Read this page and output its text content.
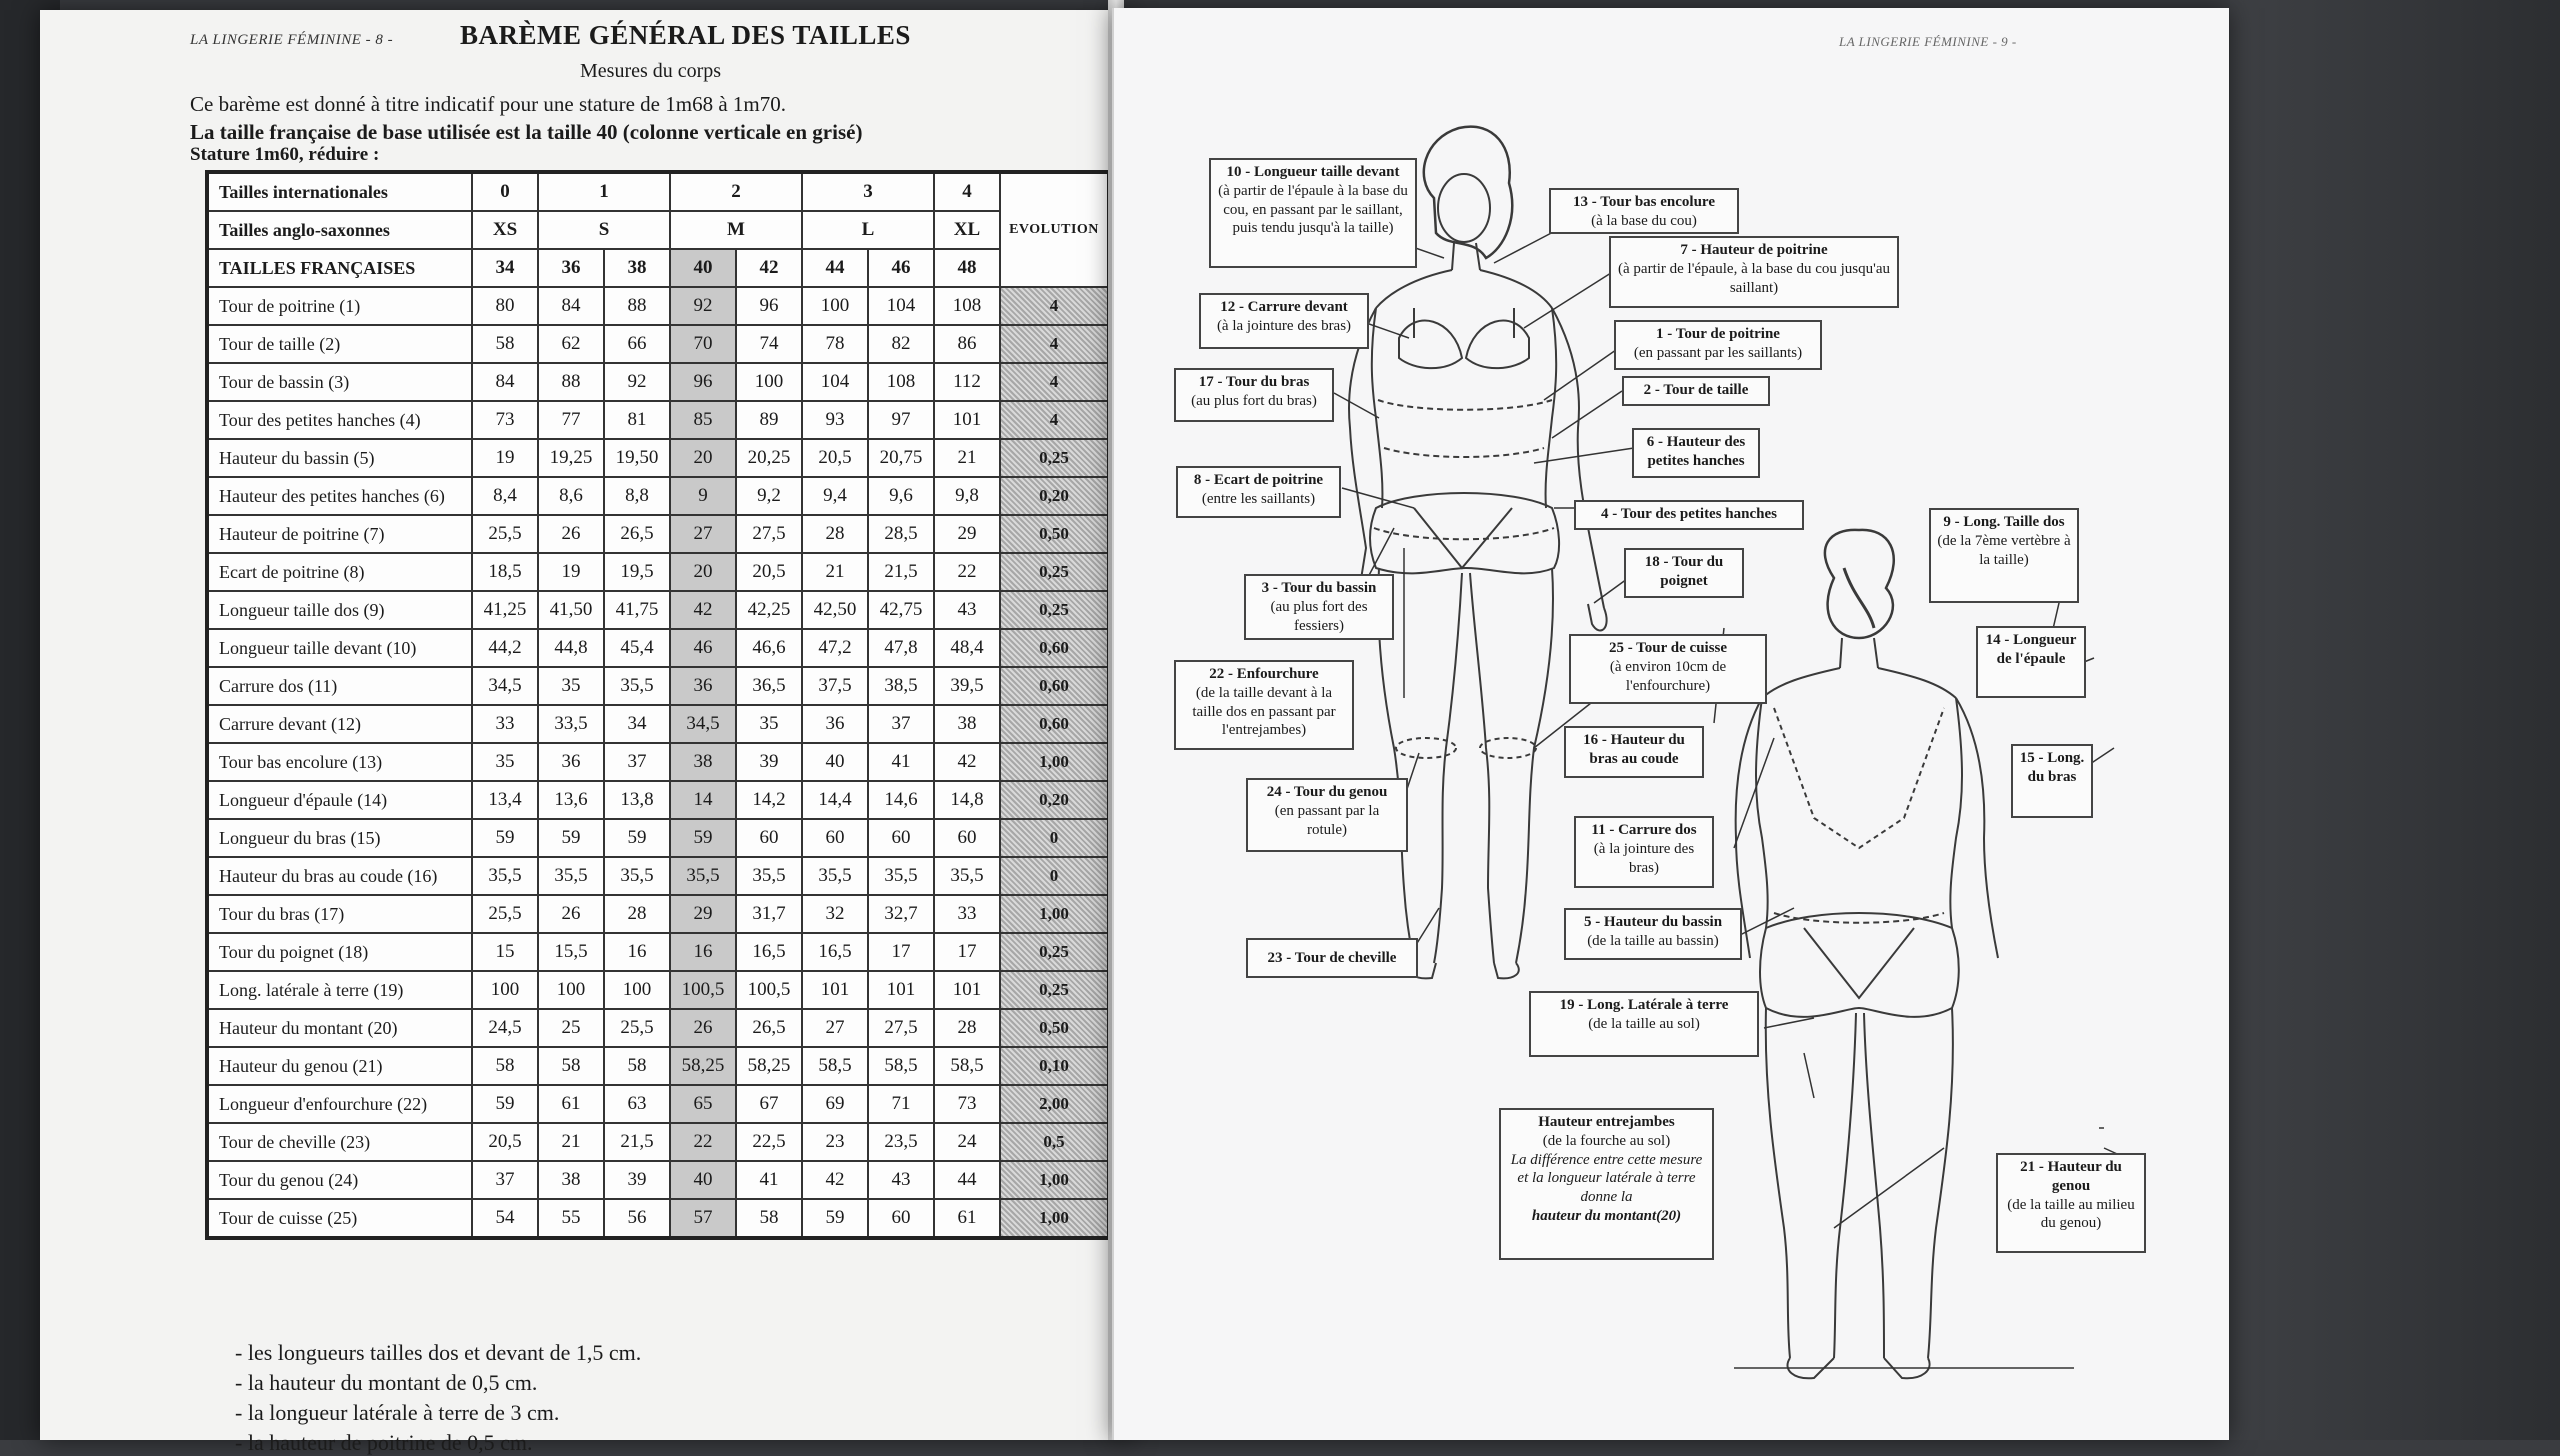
LA LINGERIE FÉMININE - 8 - BARÈME GÉNÉRAL DES TAILLES
Mesures du corps
Ce barème est donné à titre indicatif pour une stature de 1m68 à 1m70.
La taille française de base utilisée est la taille 40 (colonne verticale en grisé)
Stature 1m60, réduire :
Tailles internationales	0	1		2		3		4	EVOLUTION
Tailles anglo-saxonnes	XS	S		M		L		XL	
TAILLES FRANÇAISES	34	36	38	40	42	44	46	48	
Tour de poitrine (1)	80	84	88	92	96	100	104	108	4
Tour de taille (2)	58	62	66	70	74	78	82	86	4
Tour de bassin (3)	84	88	92	96	100	104	108	112	4
Tour des petites hanches (4)	73	77	81	85	89	93	97	101	4
Hauteur du bassin (5)	19	19,25	19,50	20	20,25	20,5	20,75	21	0,25
Hauteur des petites hanches (6)	8,4	8,6	8,8	9	9,2	9,4	9,6	9,8	0,20
Hauteur de poitrine (7)	25,5	26	26,5	27	27,5	28	28,5	29	0,50
Ecart de poitrine (8)	18,5	19	19,5	20	20,5	21	21,5	22	0,25
Longueur taille dos (9)	41,25	41,50	41,75	42	42,25	42,50	42,75	43	0,25
Longueur taille devant (10)	44,2	44,8	45,4	46	46,6	47,2	47,8	48,4	0,60
Carrure dos (11)	34,5	35	35,5	36	36,5	37,5	38,5	39,5	0,60
Carrure devant (12)	33	33,5	34	34,5	35	36	37	38	0,60
Tour bas encolure (13)	35	36	37	38	39	40	41	42	1,00
Longueur d'épaule (14)	13,4	13,6	13,8	14	14,2	14,4	14,6	14,8	0,20
Longueur du bras (15)	59	59	59	59	60	60	60	60	0
Hauteur du bras au coude (16)	35,5	35,5	35,5	35,5	35,5	35,5	35,5	35,5	0
Tour du bras (17)	25,5	26	28	29	31,7	32	32,7	33	1,00
Tour du poignet (18)	15	15,5	16	16	16,5	16,5	17	17	0,25
Long. latérale à terre (19)	100	100	100	100,5	100,5	101	101	101	0,25
Hauteur du montant (20)	24,5	25	25,5	26	26,5	27	27,5	28	0,50
Hauteur du genou (21)	58	58	58	58,25	58,25	58,5	58,5	58,5	0,10
Longueur d'enfourchure (22)	59	61	63	65	67	69	71	73	2,00
Tour de cheville (23)	20,5	21	21,5	22	22,5	23	23,5	24	0,5
Tour du genou (24)	37	38	39	40	41	42	43	44	1,00
Tour de cuisse (25)	54	55	56	57	58	59	60	61	1,00
- les longueurs tailles dos et devant de 1,5 cm.
- la hauteur du montant de 0,5 cm.
- la longueur latérale à terre de 3 cm.
- la hauteur de poitrine de 0,5 cm.
LA LINGERIE FÉMININE - 9 -
10 - Longueur taille devant
(à partir de l'épaule à la base du cou, en passant par le saillant, puis tendu jusqu'à la taille)
13 - Tour bas encolure
(à la base du cou)
7 - Hauteur de poitrine
(à partir de l'épaule, à la base du cou jusqu'au saillant)
12 - Carrure devant
(à la jointure des bras)
1 - Tour de poitrine
(en passant par les saillants)
17 - Tour du bras
(au plus fort du bras)
2 - Tour de taille
6 - Hauteur des petites hanches
8 - Ecart de poitrine
(entre les saillants)
4 - Tour des petites hanches	9 - Long. Taille dos
(de la 7ème vertèbre à la taille)
18 - Tour du poignet
3 - Tour du bassin
(au plus fort des fessiers)
14 - Longueur de l'épaule
25 - Tour de cuisse
(à environ 10cm de l'enfourchure)
22 - Enfourchure
(de la taille devant à la taille dos en passant par l'entrejambes)
16 - Hauteur du bras au coude	15 - Long. du bras
24 - Tour du genou
(en passant par la rotule)	11 - Carrure dos
(à la jointure des bras)
5 - Hauteur du bassin
(de la taille au bassin)
23 - Tour de cheville
19 - Long. Latérale à terre
(de la taille au sol)
Hauteur entrejambes
(de la fourche au sol)
La différence entre cette mesure et la longueur latérale à terre donne la
hauteur du montant(20)
21 - Hauteur du genou
(de la taille au milieu du genou)
